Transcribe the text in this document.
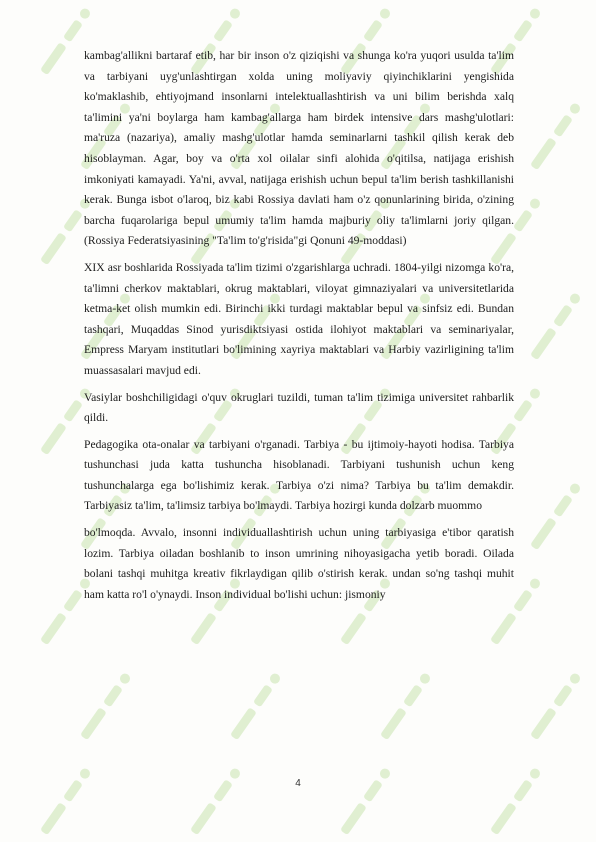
kambag'allikni bartaraf etib, har bir inson o'z qiziqishi va shunga ko'ra yuqori usulda ta'lim va tarbiyani uyg'unlashtirgan xolda uning moliyaviy qiyinchiklarini yengishida ko'maklashib, ehtiyojmand insonlarni intelektuallashtirish va uni bilim berishda xalq ta'limini ya'ni boylarga ham kambag'allarga ham birdek intensive dars mashg'ulotlari: ma'ruza (nazariya), amaliy mashg'ulotlar hamda seminarlarni tashkil qilish kerak deb hisoblayman. Agar, boy va o'rta xol oilalar sinfi alohida o'qitilsa, natijaga erishish imkoniyati kamayadi. Ya'ni, avval, natijaga erishish uchun bepul ta'lim berish tashkillanishi kerak. Bunga isbot o'laroq, biz kabi Rossiya davlati ham o'z qonunlarining birida, o'zining barcha fuqarolariga bepul umumiy ta'lim hamda majburiy oliy ta'limlarni joriy qilgan. (Rossiya Federatsiyasining "Ta'lim to'g'risida"gi Qonuni 49-moddasi)

XIX asr boshlarida Rossiyada ta'lim tizimi o'zgarishlarga uchradi. 1804-yilgi nizomga ko'ra, ta'limni cherkov maktablari, okrug maktablari, viloyat gimnaziyalari va universitetlarida ketma-ket olish mumkin edi. Birinchi ikki turdagi maktablar bepul va sinfsiz edi. Bundan tashqari, Muqaddas Sinod yurisdiktsiyasi ostida ilohiyot maktablari va seminariyalar, Empress Maryam institutlari bo'limining xayriya maktablari va Harbiy vazirligining ta'lim muassasalari mavjud edi.

Vasiylar boshchiligidagi o'quv okruglari tuzildi, tuman ta'lim tizimiga universitet rahbarlik qildi.

Pedagogika ota-onalar va tarbiyani o'rganadi. Tarbiya - bu ijtimoiy-hayoti hodisa. Tarbiya tushunchasi juda katta tushuncha hisoblanadi. Tarbiyani tushunish uchun keng tushunchalarga ega bo'lishimiz kerak. Tarbiya o'zi nima? Tarbiya bu ta'lim demakdir. Tarbiyasiz ta'lim, ta'limsiz tarbiya bo'lmaydi. Tarbiya hozirgi kunda dolzarb muommo

bo'lmoqda. Avvalo, insonni individuallashtirish uchun uning tarbiyasiga e'tibor qaratish lozim. Tarbiya oiladan boshlanib to inson umrining nihoyasigacha yetib boradi. Oilada bolani tashqi muhitga kreativ fikrlaydigan qilib o'stirish kerak. undan so'ng tashqi muhit ham katta ro'l o'ynaydi. Inson individual bo'lishi uchun: jismoniy

4
